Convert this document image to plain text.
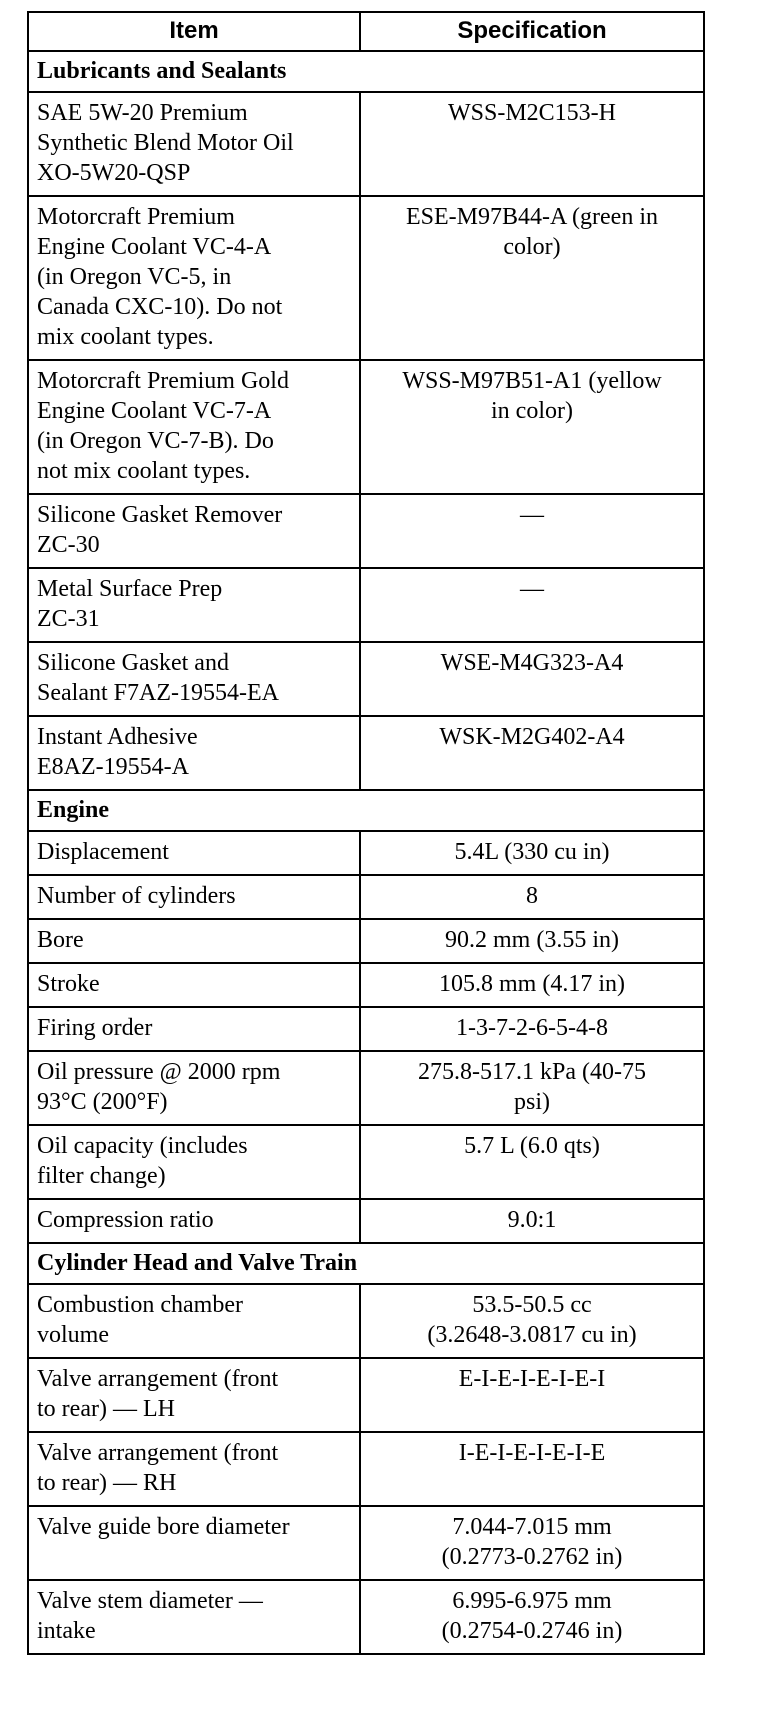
Item	Specification
Lubricants and Sealants	

SAE 5W-20 Premium
Synthetic Blend Motor Oil
XO-5W20-QSP	WSS-M2C153-H

Motorcraft Premium
Engine Coolant VC-4-A
(in Oregon VC-5, in
Canada CXC-10). Do not
mix coolant types.	ESE-M97B44-A (green in
color)

Motorcraft Premium Gold
Engine Coolant VC-7-A
(in Oregon VC-7-B). Do
not mix coolant types.	WSS-M97B51-A1 (yellow
in color)

Silicone Gasket Remover
ZC-30	—

Metal Surface Prep
ZC-31	—

Silicone Gasket and
Sealant F7AZ-19554-EA	WSE-M4G323-A4

Instant Adhesive
E8AZ-19554-A	WSK-M2G402-A4

Engine	

Displacement	5.4L (330 cu in)

Number of cylinders	8

Bore	90.2 mm (3.55 in)

Stroke	105.8 mm (4.17 in)

Firing order	1-3-7-2-6-5-4-8

Oil pressure @ 2000 rpm
93°C (200°F)	275.8-517.1 kPa (40-75
psi)

Oil capacity (includes
filter change)	5.7 L (6.0 qts)

Compression ratio	9.0:1

Cylinder Head and Valve Train	

Combustion chamber
volume	53.5-50.5 cc
(3.2648-3.0817 cu in)

Valve arrangement (front
to rear) — LH	E-I-E-I-E-I-E-I

Valve arrangement (front
to rear) — RH	I-E-I-E-I-E-I-E

Valve guide bore diameter	7.044-7.015 mm
(0.2773-0.2762 in)

Valve stem diameter —
intake	6.995-6.975 mm
(0.2754-0.2746 in)
